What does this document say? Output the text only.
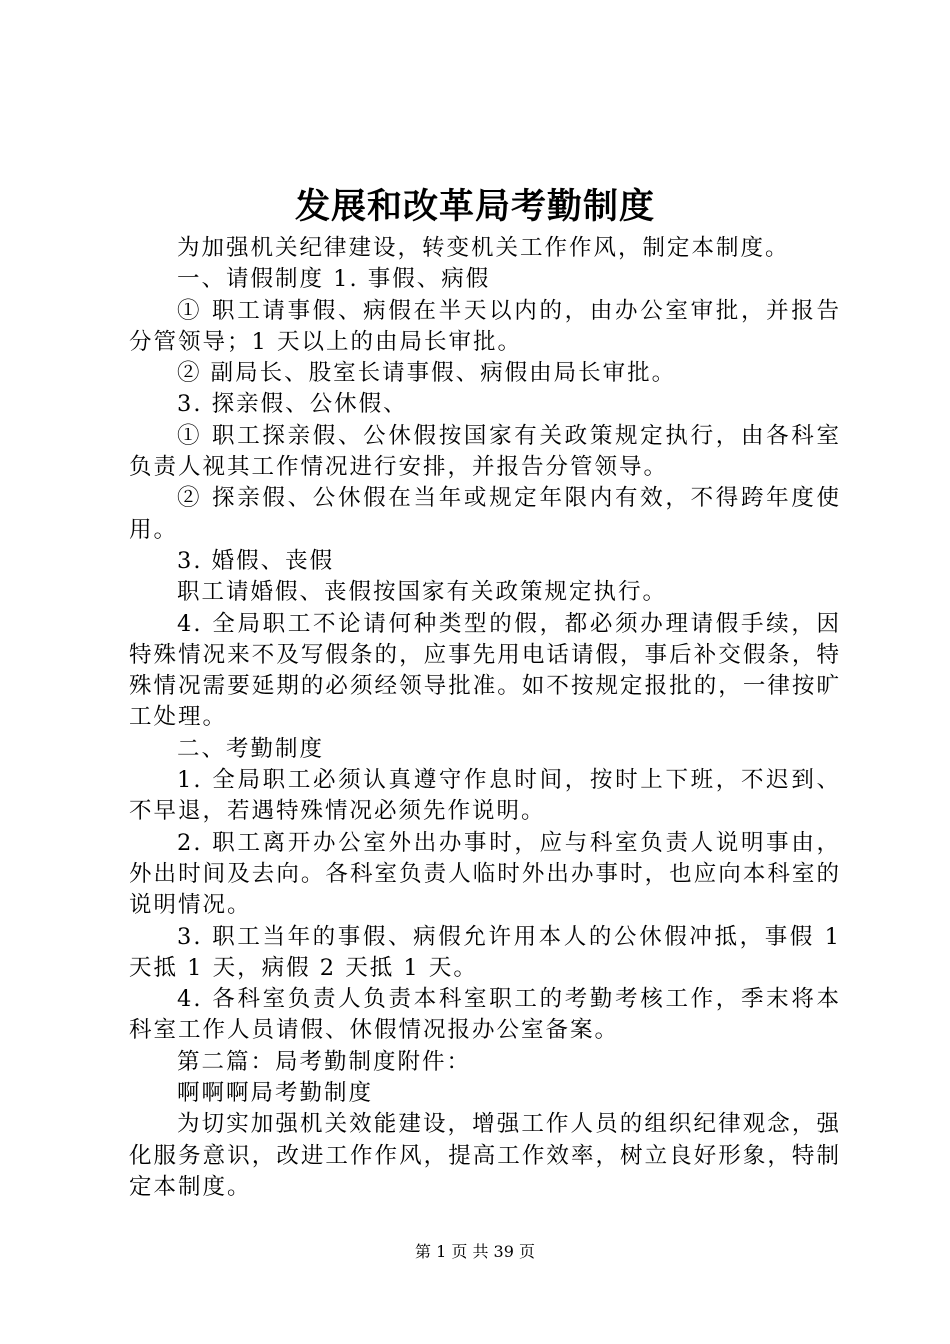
发展和改革局考勤制度

为加强机关纪律建设，转变机关工作作风，制定本制度。

一、请假制度 1. 事假、病假

① 职工请事假、病假在半天以内的，由办公室审批，并报告分管领导；1 天以上的由局长审批。

② 副局长、股室长请事假、病假由局长审批。

3. 探亲假、公休假、

① 职工探亲假、公休假按国家有关政策规定执行，由各科室负责人视其工作情况进行安排，并报告分管领导。

② 探亲假、公休假在当年或规定年限内有效，不得跨年度使用。

3. 婚假、丧假

职工请婚假、丧假按国家有关政策规定执行。

4. 全局职工不论请何种类型的假，都必须办理请假手续，因特殊情况来不及写假条的，应事先用电话请假，事后补交假条，特殊情况需要延期的必须经领导批准。如不按规定报批的，一律按旷工处理。

二、考勤制度

1. 全局职工必须认真遵守作息时间，按时上下班，不迟到、不早退，若遇特殊情况必须先作说明。

2. 职工离开办公室外出办事时，应与科室负责人说明事由，外出时间及去向。各科室负责人临时外出办事时，也应向本科室的说明情况。

3. 职工当年的事假、病假允许用本人的公休假冲抵，事假 1 天抵 1 天，病假 2 天抵 1 天。

4. 各科室负责人负责本科室职工的考勤考核工作，季末将本科室工作人员请假、休假情况报办公室备案。

第二篇：局考勤制度附件：

啊啊啊局考勤制度

为切实加强机关效能建设，增强工作人员的组织纪律观念，强化服务意识，改进工作作风，提高工作效率，树立良好形象，特制定本制度。

第 1 页 共 39 页
